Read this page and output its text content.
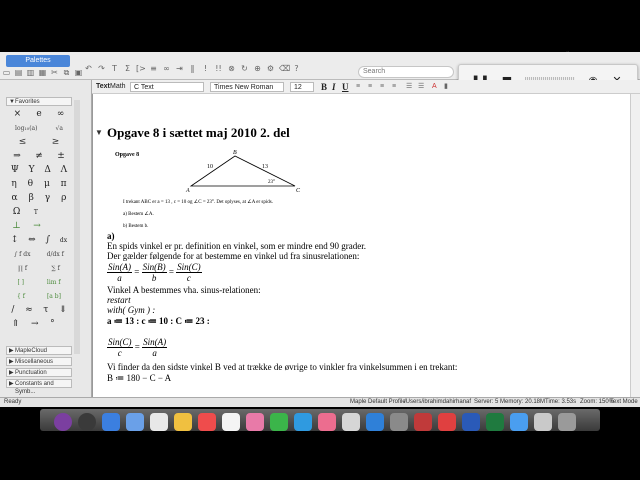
▭ ▤ ▥ ▦ ✂ ⧉ ▣ ↶ ↷ T Σ [> ≡ ∞ ⇥ ‖	!	!! ⊗ ↻ ⊕ ⚙ ⌫ ?	Search
Palettes
▼ Favorites
× e ∞
log₁₀(a)	√a
≤	≥
⇒ ≠ ±
Ψ Υ Δ Λ
η θ μ π
α β γ ρ
Ω T
⊥ →
↕ ⇔ ∫ dx
∫ f dx	d/dx f
∏ f	∑ f
[ ]	lim f
{ f	[a b]
/ ≈ τ ⇓
⇑ → °
▶ MapleCloud
▶ Miscellaneous
▶ Punctuation
▶ Constants and Symb...
Text Math	C Text	Times New Roman	12	B I U ≡ ≡ ≡ ≡ ☰ ☰ A ▮
▼ Opgave 8 i sættet maj 2010 2. del
Opgave 8
10	13
23°
A
B
C
I trekant ABC er a = 13 , c = 10 og ∠C = 23°. Det oplyses, at ∠A er spids.
a) Bestem ∠A.
b) Bestem b.
a)
En spids vinkel er pr. definition en vinkel, som er mindre end 90 grader.
Der gælder følgende for at bestemme en vinkel ud fra sinusrelationen:
$\frac{\text{Sin(A)}}{a} = \frac{\text{Sin(B)}}{b} = \frac{\text{Sin(C)}}{c}$
Vinkel A bestemmes vha. sinus-relationen:
restart
with( Gym ) :
a ≔ 13 : c ≔ 10 : C ≔ 23 :
$\frac{\text{Sin(C)}}{c} = \frac{\text{Sin(A)}}{a}$
Vi finder da den sidste vinkel B ved at trække de øvrige to vinkler fra vinkelsummen i en trekant:
B ≔ 180 − C − A
Ready	Maple Default Profile
/Users/ibrahimdahirhanaf Server: 5 Memory: 20.18M Time: 3.53s Zoom: 150%
Text Mode
